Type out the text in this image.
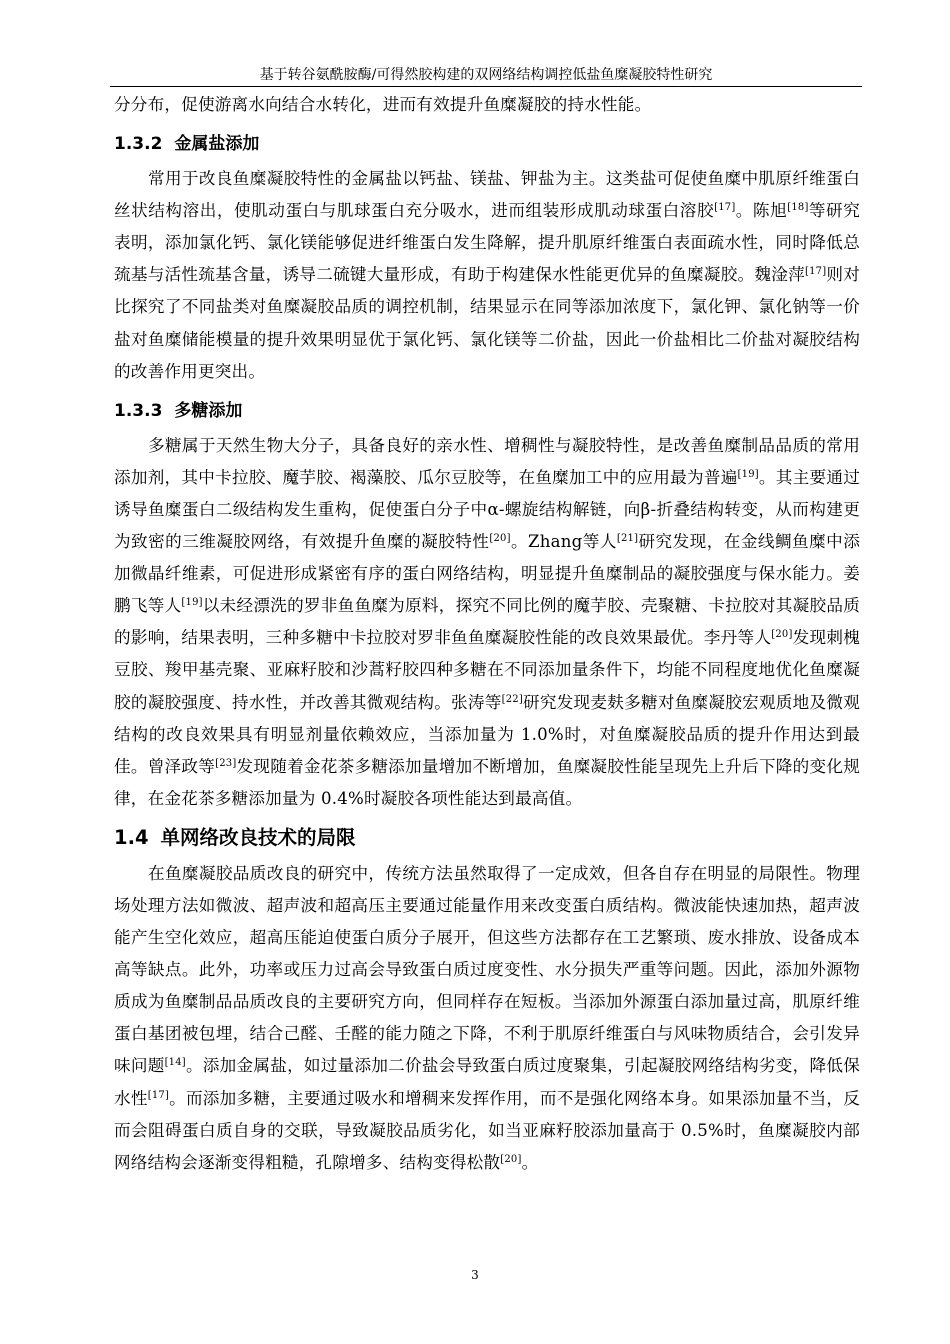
基于转谷氨酰胺酶/可得然胶构建的双网络结构调控低盐鱼糜凝胶特性研究

分分布，促使游离水向结合水转化，进而有效提升鱼糜凝胶的持水性能。

1.3.2 金属盐添加

常用于改良鱼糜凝胶特性的金属盐以钙盐、镁盐、钾盐为主。这类盐可促使鱼糜中肌原纤维蛋白丝状结构溶出，使肌动蛋白与肌球蛋白充分吸水，进而组装形成肌动球蛋白溶胶[17]。陈旭[18]等研究表明，添加氯化钙、氯化镁能够促进纤维蛋白发生降解，提升肌原纤维蛋白表面疏水性，同时降低总巯基与活性巯基含量，诱导二硫键大量形成，有助于构建保水性能更优异的鱼糜凝胶。魏淦萍[17]则对比探究了不同盐类对鱼糜凝胶品质的调控机制，结果显示在同等添加浓度下，氯化钾、氯化钠等一价盐对鱼糜储能模量的提升效果明显优于氯化钙、氯化镁等二价盐，因此一价盐相比二价盐对凝胶结构的改善作用更突出。

1.3.3 多糖添加

多糖属于天然生物大分子，具备良好的亲水性、增稠性与凝胶特性，是改善鱼糜制品品质的常用添加剂，其中卡拉胶、魔芋胶、褐藻胶、瓜尔豆胶等，在鱼糜加工中的应用最为普遍[19]。其主要通过诱导鱼糜蛋白二级结构发生重构，促使蛋白分子中α-螺旋结构解链，向β-折叠结构转变，从而构建更为致密的三维凝胶网络，有效提升鱼糜的凝胶特性[20]。Zhang等人[21]研究发现，在金线鲷鱼糜中添加微晶纤维素，可促进形成紧密有序的蛋白网络结构，明显提升鱼糜制品的凝胶强度与保水能力。姜鹏飞等人[19]以未经漂洗的罗非鱼鱼糜为原料，探究不同比例的魔芋胶、壳聚糖、卡拉胶对其凝胶品质的影响，结果表明，三种多糖中卡拉胶对罗非鱼鱼糜凝胶性能的改良效果最优。李丹等人[20]发现刺槐豆胶、羧甲基壳聚、亚麻籽胶和沙蒿籽胶四种多糖在不同添加量条件下，均能不同程度地优化鱼糜凝胶的凝胶强度、持水性，并改善其微观结构。张涛等[22]研究发现麦麸多糖对鱼糜凝胶宏观质地及微观结构的改良效果具有明显剂量依赖效应，当添加量为 1.0%时，对鱼糜凝胶品质的提升作用达到最佳。曾泽政等[23]发现随着金花茶多糖添加量增加不断增加，鱼糜凝胶性能呈现先上升后下降的变化规律，在金花茶多糖添加量为 0.4%时凝胶各项性能达到最高值。

1.4 单网络改良技术的局限

在鱼糜凝胶品质改良的研究中，传统方法虽然取得了一定成效，但各自存在明显的局限性。物理场处理方法如微波、超声波和超高压主要通过能量作用来改变蛋白质结构。微波能快速加热，超声波能产生空化效应，超高压能迫使蛋白质分子展开，但这些方法都存在工艺繁琐、废水排放、设备成本高等缺点。此外，功率或压力过高会导致蛋白质过度变性、水分损失严重等问题。因此，添加外源物质成为鱼糜制品品质改良的主要研究方向，但同样存在短板。当添加外源蛋白添加量过高，肌原纤维蛋白基团被包埋，结合己醛、壬醛的能力随之下降，不利于肌原纤维蛋白与风味物质结合，会引发异味问题[14]。添加金属盐，如过量添加二价盐会导致蛋白质过度聚集，引起凝胶网络结构劣变，降低保水性[17]。而添加多糖，主要通过吸水和增稠来发挥作用，而不是强化网络本身。如果添加量不当，反而会阻碍蛋白质自身的交联，导致凝胶品质劣化，如当亚麻籽胶添加量高于 0.5%时，鱼糜凝胶内部网络结构会逐渐变得粗糙，孔隙增多、结构变得松散[20]。

3
